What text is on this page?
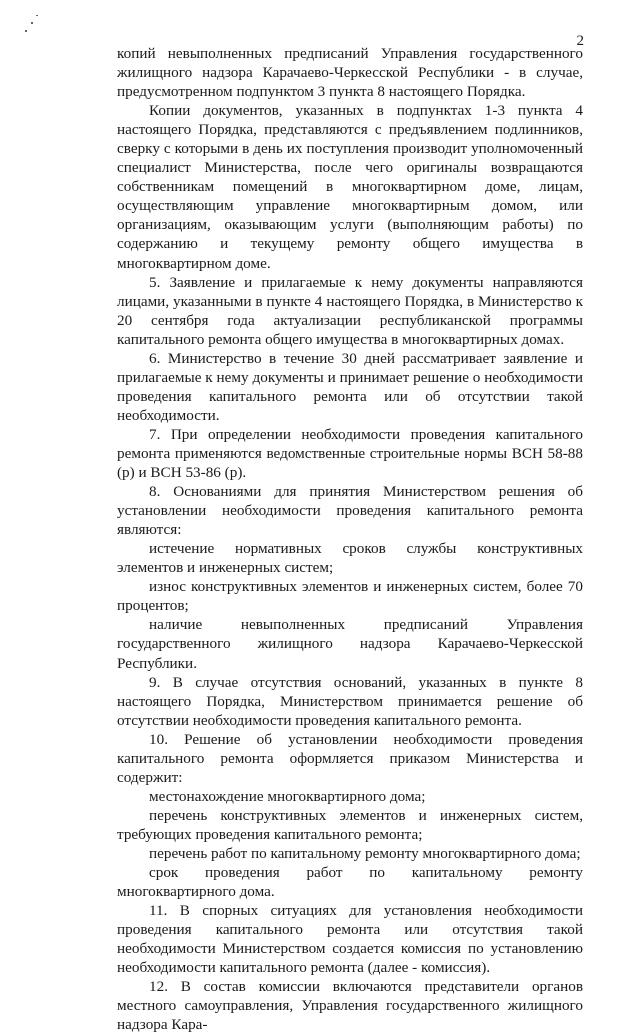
2

копий невыполненных предписаний Управления государственного жилищного надзора Карачаево-Черкесской Республики - в случае, предусмотренном подпунктом 3 пункта 8 настоящего Порядка.

Копии документов, указанных в подпунктах 1-3 пункта 4 настоящего Порядка, представляются с предъявлением подлинников, сверку с которыми в день их поступления производит уполномоченный специалист Министерства, после чего оригиналы возвращаются собственникам помещений в многоквартирном доме, лицам, осуществляющим управление многоквартирным домом, или организациям, оказывающим услуги (выполняющим работы) по содержанию и текущему ремонту общего имущества в многоквартирном доме.

5. Заявление и прилагаемые к нему документы направляются лицами, указанными в пункте 4 настоящего Порядка, в Министерство к 20 сентября года актуализации республиканской программы капитального ремонта общего имущества в многоквартирных домах.

6. Министерство в течение 30 дней рассматривает заявление и прилагаемые к нему документы и принимает решение о необходимости проведения капитального ремонта или об отсутствии такой необходимости.

7. При определении необходимости проведения капитального ремонта применяются ведомственные строительные нормы ВСН 58-88 (р) и ВСН 53-86 (р).

8. Основаниями для принятия Министерством решения об установлении необходимости проведения капитального ремонта являются:

истечение нормативных сроков службы конструктивных элементов и инженерных систем;

износ конструктивных элементов и инженерных систем, более 70 процентов;

наличие невыполненных предписаний Управления государственного жилищного надзора Карачаево-Черкесской Республики.

9. В случае отсутствия оснований, указанных в пункте 8 настоящего Порядка, Министерством принимается решение об отсутствии необходимости проведения капитального ремонта.

10. Решение об установлении необходимости проведения капитального ремонта оформляется приказом Министерства и содержит:

местонахождение многоквартирного дома;

перечень конструктивных элементов и инженерных систем, требующих проведения капитального ремонта;

перечень работ по капитальному ремонту многоквартирного дома;

срок проведения работ по капитальному ремонту многоквартирного дома.

11. В спорных ситуациях для установления необходимости проведения капитального ремонта или отсутствия такой необходимости Министерством создается комиссия по установлению необходимости капитального ремонта (далее - комиссия).

12. В состав комиссии включаются представители органов местного самоуправления, Управления государственного жилищного надзора Кара-
